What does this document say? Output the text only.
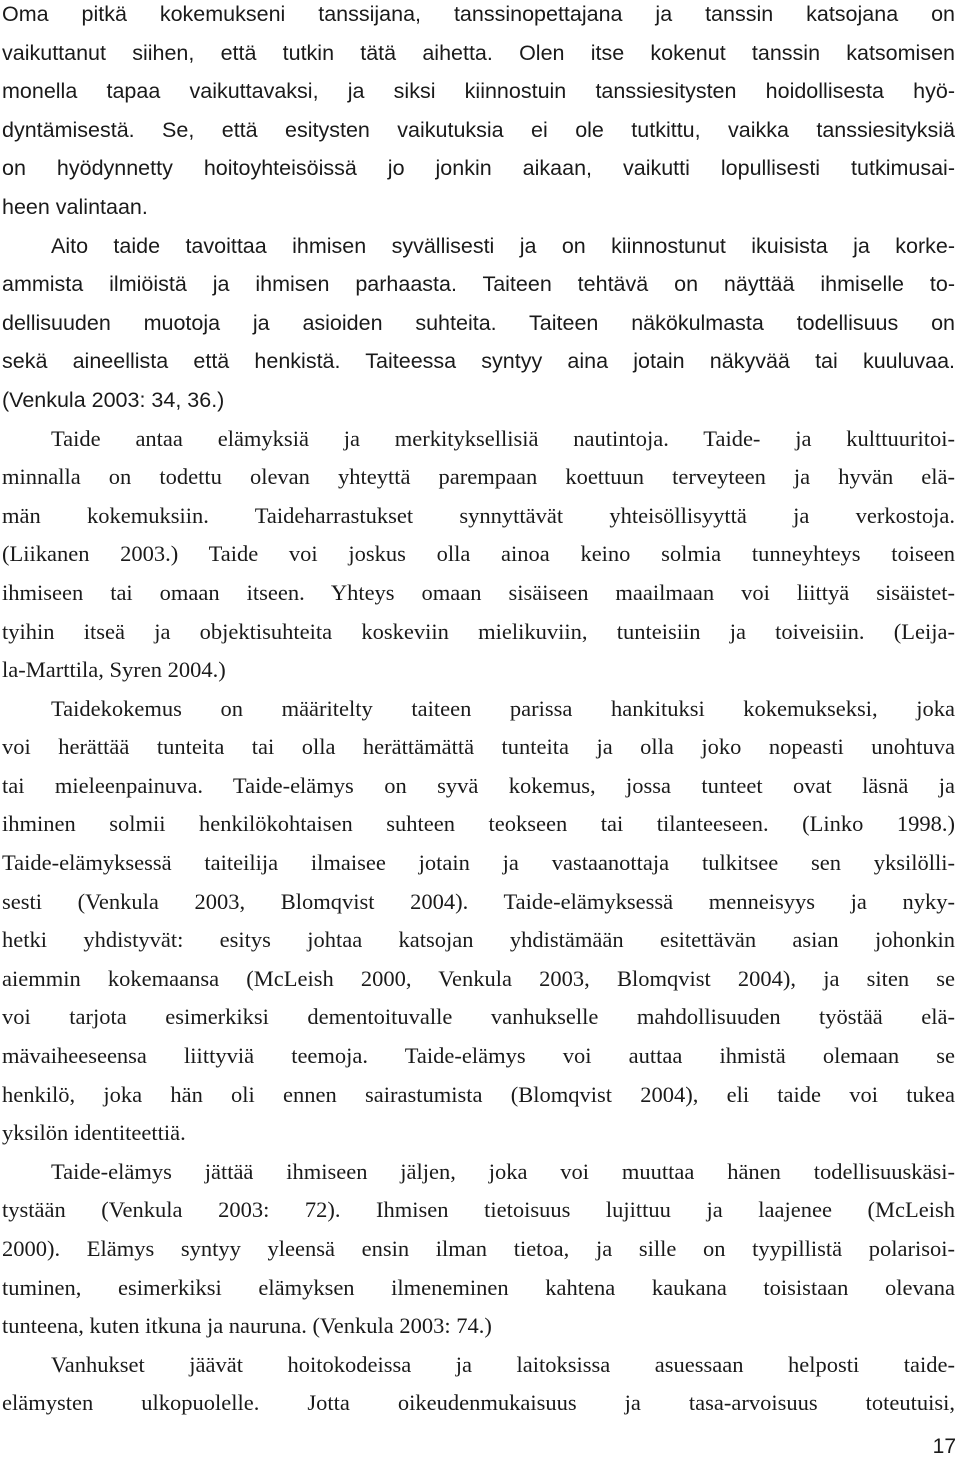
Oma pitkä kokemukseni tanssijana, tanssinopettajana ja tanssin katsojana on
vaikuttanut siihen, että tutkin tätä aihetta. Olen itse kokenut tanssin katsomisen
monella tapaa vaikuttavaksi, ja siksi kiinnostuin tanssiesitysten hoidollisesta hyö-
dyntämisestä. Se, että esitysten vaikutuksia ei ole tutkittu, vaikka tanssiesityksiä
on hyödynnetty hoitoyhteisöissä jo jonkin aikaan, vaikutti lopullisesti tutkimusai-
heen valintaan.
Aito taide tavoittaa ihmisen syvällisesti ja on kiinnostunut ikuisista ja korke-
ammista ilmiöistä ja ihmisen parhaasta. Taiteen tehtävä on näyttää ihmiselle to-
dellisuuden muotoja ja asioiden suhteita. Taiteen näkökulmasta todellisuus on
sekä aineellista että henkistä. Taiteessa syntyy aina jotain näkyvää tai kuuluvaa.
(Venkula 2003: 34, 36.)
Taide antaa elämyksiä ja merkityksellisiä nautintoja. Taide- ja kulttuuritoi-
minnalla on todettu olevan yhteyttä parempaan koettuun terveyteen ja hyvän elä-
män kokemuksiin. Taideharrastukset synnyttävät yhteisöllisyyttä ja verkostoja.
(Liikanen 2003.) Taide voi joskus olla ainoa keino solmia tunneyhteys toiseen
ihmiseen tai omaan itseen. Yhteys omaan sisäiseen maailmaan voi liittyä sisäistet-
tyihin itseä ja objektisuhteita koskeviin mielikuviin, tunteisiin ja toiveisiin. (Leija-
la-Marttila, Syren 2004.)
Taidekokemus on määritelty taiteen parissa hankituksi kokemukseksi, joka
voi herättää tunteita tai olla herättämättä tunteita ja olla joko nopeasti unohtuva
tai mieleenpainuva. Taide-elämys on syvä kokemus, jossa tunteet ovat läsnä ja
ihminen solmii henkilökohtaisen suhteen teokseen tai tilanteeseen. (Linko 1998.)
Taide-elämyksessä taiteilija ilmaisee jotain ja vastaanottaja tulkitsee sen yksilölli-
sesti (Venkula 2003, Blomqvist 2004). Taide-elämyksessä menneisyys ja nyky-
hetki yhdistyvät: esitys johtaa katsojan yhdistämään esitettävän asian johonkin
aiemmin kokemaansa (McLeish 2000, Venkula 2003, Blomqvist 2004), ja siten se
voi tarjota esimerkiksi dementoituvalle vanhukselle mahdollisuuden työstää elä-
mävaiheeseensa liittyviä teemoja. Taide-elämys voi auttaa ihmistä olemaan se
henkilö, joka hän oli ennen sairastumista (Blomqvist 2004), eli taide voi tukea
yksilön identiteettiä.
Taide-elämys jättää ihmiseen jäljen, joka voi muuttaa hänen todellisuuskäsi-
tystään (Venkula 2003: 72). Ihmisen tietoisuus lujittuu ja laajenee (McLeish
2000). Elämys syntyy yleensä ensin ilman tietoa, ja sille on tyypillistä polarisoi-
tuminen, esimerkiksi elämyksen ilmeneminen kahtena kaukana toisistaan olevana
tunteena, kuten itkuna ja nauruna. (Venkula 2003: 74.)
Vanhukset jäävät hoitokodeissa ja laitoksissa asuessaan helposti taide-
elämysten ulkopuolelle. Jotta oikeudenmukaisuus ja tasa-arvoisuus toteutuisi,
17
